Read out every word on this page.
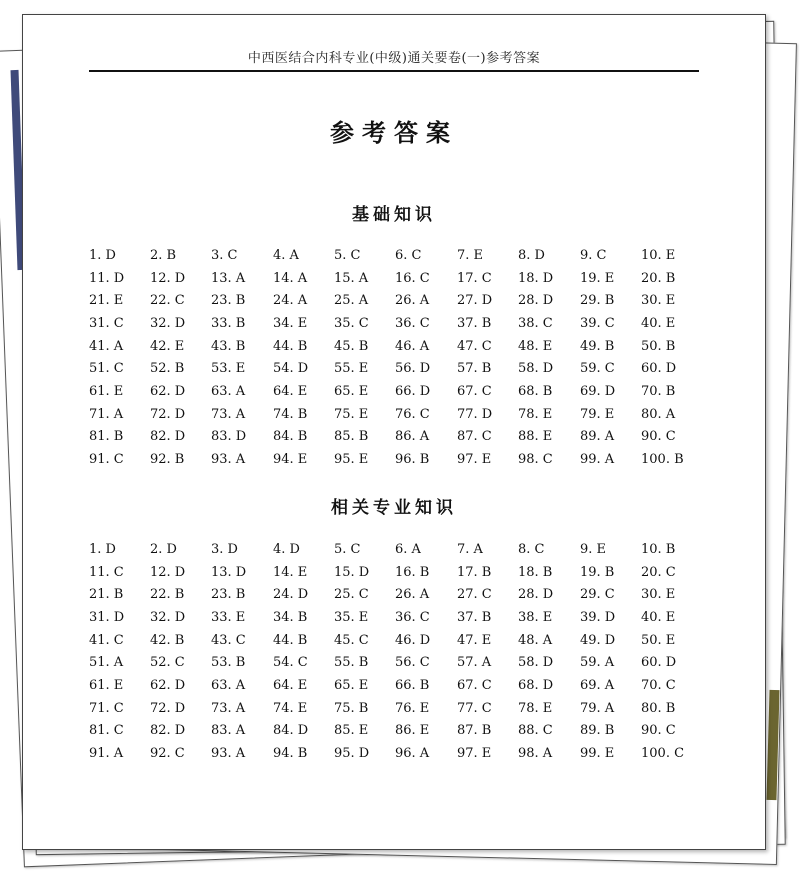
中西医结合内科专业(中级)通关要卷(一)参考答案
参考答案
基础知识
1. D	2. B	3. C	4. A	5. C	6. C	7. E	8. D	9. C	10. E
11. D	12. D	13. A	14. A	15. A	16. C	17. C	18. D	19. E	20. B
21. E	22. C	23. B	24. A	25. A	26. A	27. D	28. D	29. B	30. E
31. C	32. D	33. B	34. E	35. C	36. C	37. B	38. C	39. C	40. E
41. A	42. E	43. B	44. B	45. B	46. A	47. C	48. E	49. B	50. B
51. C	52. B	53. E	54. D	55. E	56. D	57. B	58. D	59. C	60. D
61. E	62. D	63. A	64. E	65. E	66. D	67. C	68. B	69. D	70. B
71. A	72. D	73. A	74. B	75. E	76. C	77. D	78. E	79. E	80. A
81. B	82. D	83. D	84. B	85. B	86. A	87. C	88. E	89. A	90. C
91. C	92. B	93. A	94. E	95. E	96. B	97. E	98. C	99. A	100. B
相关专业知识
1. D	2. D	3. D	4. D	5. C	6. A	7. A	8. C	9. E	10. B
11. C	12. D	13. D	14. E	15. D	16. B	17. B	18. B	19. B	20. C
21. B	22. B	23. B	24. D	25. C	26. A	27. C	28. D	29. C	30. E
31. D	32. D	33. E	34. B	35. E	36. C	37. B	38. E	39. D	40. E
41. C	42. B	43. C	44. B	45. C	46. D	47. E	48. A	49. D	50. E
51. A	52. C	53. B	54. C	55. B	56. C	57. A	58. D	59. A	60. D
61. E	62. D	63. A	64. E	65. E	66. B	67. C	68. D	69. A	70. C
71. C	72. D	73. A	74. E	75. B	76. E	77. C	78. E	79. A	80. B
81. C	82. D	83. A	84. D	85. E	86. E	87. B	88. C	89. B	90. C
91. A	92. C	93. A	94. B	95. D	96. A	97. E	98. A	99. E	100. C
